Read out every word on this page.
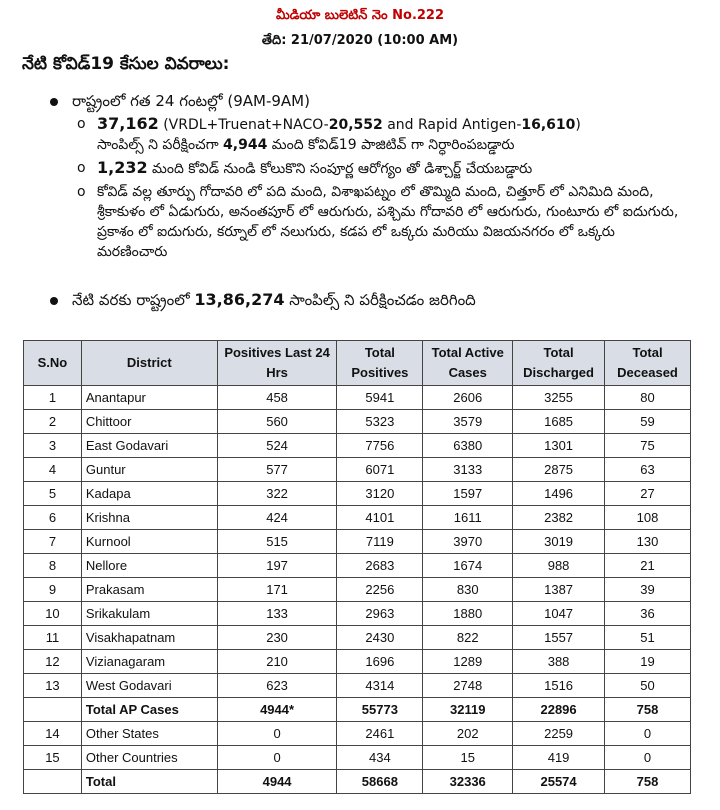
మీడియా బులెటిన్ నెం No.222
తేది: 21/07/2020 (10:00 AM)
నేటి కోవిడ్19 కేసుల వివరాలు:
రాష్ట్రంలో గత 24 గంటల్లో (9AM-9AM)
o 37,162 (VRDL+Truenat+NACO-20,552 and Rapid Antigen-16,610)
సాంపిల్స్ ని పరీక్షించగా 4,944 మంది కోవిడ్19 పాజిటివ్ గా నిర్ధారింపబడ్డారు
o 1,232 మంది కోవిడ్ నుండి కోలుకొని సంపూర్ణ ఆరోగ్యం తో డిశ్చార్జ్ చేయబడ్డారు
o కోవిడ్ వల్ల తూర్పు గోదావరి లో పది మంది, విశాఖపట్నం లో తొమ్మిది మంది, చిత్తూర్ లో ఎనిమిది మంది, శ్రీకాకుళం లో ఏడుగురు, అనంతపూర్ లో ఆరుగురు, పశ్చిమ గోదావరి లో ఆరుగురు, గుంటూరు లో ఐదుగురు, ప్రకాశం లో ఐదుగురు, కర్నూల్ లో నలుగురు, కడప లో ఒక్కరు మరియు విజయనగరం లో ఒక్కరు మరణించారు
నేటి వరకు రాష్ట్రంలో 13,86,274 సాంపిల్స్ ని పరీక్షించడం జరిగింది
S.No	District	Positives Last 24 Hrs	Total Positives	Total Active Cases	Total Discharged	Total Deceased
1	Anantapur	458	5941	2606	3255	80
2	Chittoor	560	5323	3579	1685	59
3	East Godavari	524	7756	6380	1301	75
4	Guntur	577	6071	3133	2875	63
5	Kadapa	322	3120	1597	1496	27
6	Krishna	424	4101	1611	2382	108
7	Kurnool	515	7119	3970	3019	130
8	Nellore	197	2683	1674	988	21
9	Prakasam	171	2256	830	1387	39
10	Srikakulam	133	2963	1880	1047	36
11	Visakhapatnam	230	2430	822	1557	51
12	Vizianagaram	210	1696	1289	388	19
13	West Godavari	623	4314	2748	1516	50
	Total AP Cases	4944*	55773	32119	22896	758
14	Other States	0	2461	202	2259	0
15	Other Countries	0	434	15	419	0
	Total	4944	58668	32336	25574	758
